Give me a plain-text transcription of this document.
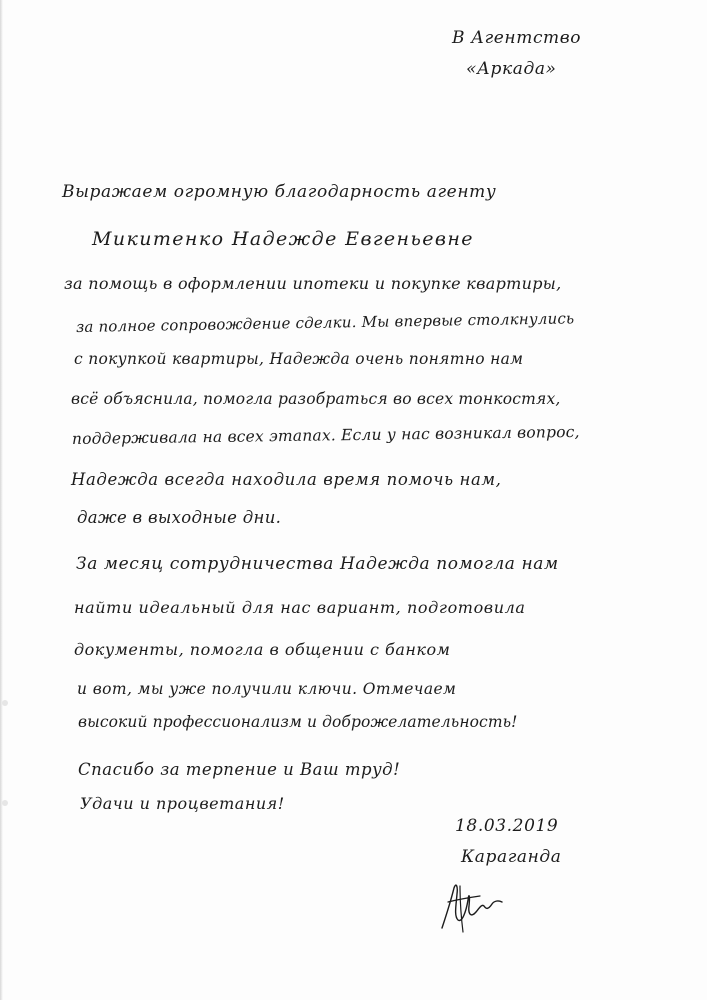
В Агентство
«Аркада»

Выражаем огромную благодарность агенту

Микитенко Надежде Евгеньевне

за помощь в оформлении ипотеки и покупке квартиры,

за полное сопровождение сделки. Мы впервые столкнулись

с покупкой квартиры, Надежда очень понятно нам

всё объяснила, помогла разобраться во всех тонкостях,

поддерживала на всех этапах. Если у нас возникал вопрос,

Надежда всегда находила время помочь нам,

даже в выходные дни.

За месяц сотрудничества Надежда помогла нам

найти идеальный для нас вариант, подготовила

документы, помогла в общении с банком

и вот, мы уже получили ключи. Отмечаем

высокий профессионализм и доброжелательность!

Спасибо за терпение и Ваш труд!

Удачи и процветания!

18.03.2019
Караганда
